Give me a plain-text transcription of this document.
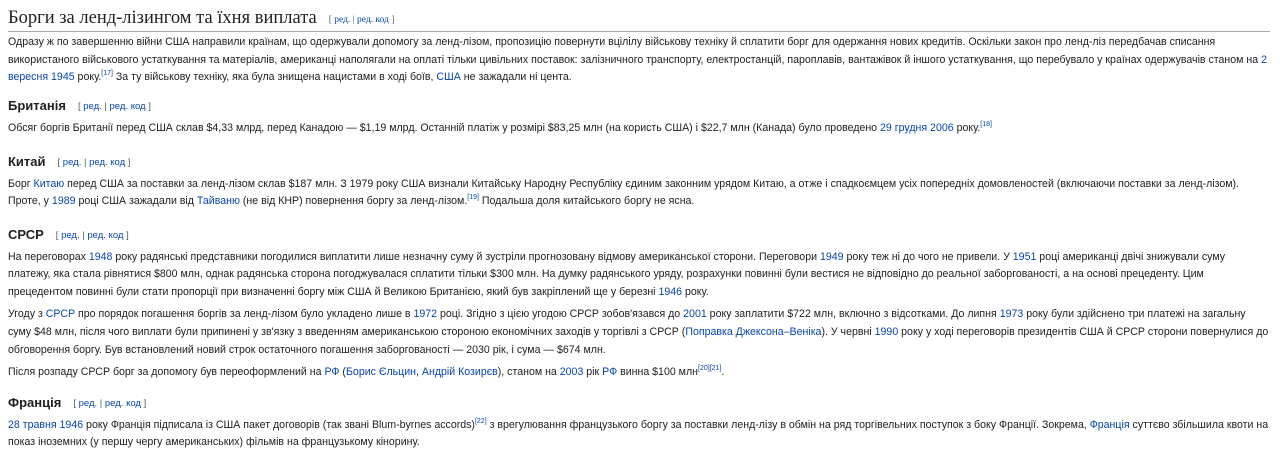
Борги за ленд-лізингом та їхня виплата [ ред. | ред. код ]

Одразу ж по завершенню війни США направили країнам, що одержували допомогу за ленд-лізом, пропозицію повернути вцілілу військову техніку й сплатити борг для одержання нових кредитів. Оскільки закон про ленд-ліз передбачав списання використаного військового устаткування та матеріалів, американці наполягали на оплаті тільки цивільних поставок: залізничного транспорту, електростанцій, пароплавів, вантажівок й іншого устаткування, що перебувало у країнах одержувачів станом на 2 вересня 1945 року.[17] За ту військову техніку, яка була знищена нацистами в ході боїв, США не зажадали ні цента.

Британія [ ред. | ред. код ]

Обсяг боргів Британії перед США склав $4,33 млрд, перед Канадою — $1,19 млрд. Останній платіж у розмірі $83,25 млн (на користь США) і $22,7 млн (Канада) було проведено 29 грудня 2006 року.[18]

Китай [ ред. | ред. код ]

Борг Китаю перед США за поставки за ленд-лізом склав $187 млн. З 1979 року США визнали Китайську Народну Республіку єдиним законним урядом Китаю, а отже і спадкоємцем усіх попередніх домовленостей (включаючи поставки за ленд-лізом). Проте, у 1989 році США зажадали від Тайваню (не від КНР) повернення боргу за ленд-лізом.[19] Подальша доля китайського боргу не ясна.

СРСР [ ред. | ред. код ]

На переговорах 1948 року радянські представники погодилися виплатити лише незначну суму й зустріли прогнозовану відмову американської сторони. Переговори 1949 року теж ні до чого не привели. У 1951 році американці двічі знижували суму платежу, яка стала рівнятися $800 млн, однак радянська сторона погоджувалася сплатити тільки $300 млн. На думку радянського уряду, розрахунки повинні були вестися не відповідно до реальної заборгованості, а на основі прецеденту. Цим прецедентом повинні були стати пропорції при визначенні боргу між США й Великою Британією, який був закріплений ще у березні 1946 року.

Угоду з СРСР про порядок погашення боргів за ленд-лізом було укладено лише в 1972 році. Згідно з цією угодою СРСР зобов'язався до 2001 року заплатити $722 млн, включно з відсотками. До липня 1973 року були здійснено три платежі на загальну суму $48 млн, після чого виплати були припинені у зв'язку з введенням американською стороною економічних заходів у торгівлі з СРСР (Поправка Джексона–Веніка). У червні 1990 року у ході переговорів президентів США й СРСР сторони повернулися до обговорення боргу. Був встановлений новий строк остаточного погашення заборгованості — 2030 рік, і сума — $674 млн.

Після розпаду СРСР борг за допомогу був переоформлений на РФ (Борис Єльцин, Андрій Козирєв), станом на 2003 рік РФ винна $100 млн[20][21].

Франція [ ред. | ред. код ]

28 травня 1946 року Франція підписала із США пакет договорів (так звані Blum-byrnes accords)[22] з врегулювання французького боргу за поставки ленд-лізу в обмін на ряд торгівельних поступок з боку Франції. Зокрема, Франція суттєво збільшила квоти на показ іноземних (у першу чергу американських) фільмів на французькому кінорину.
